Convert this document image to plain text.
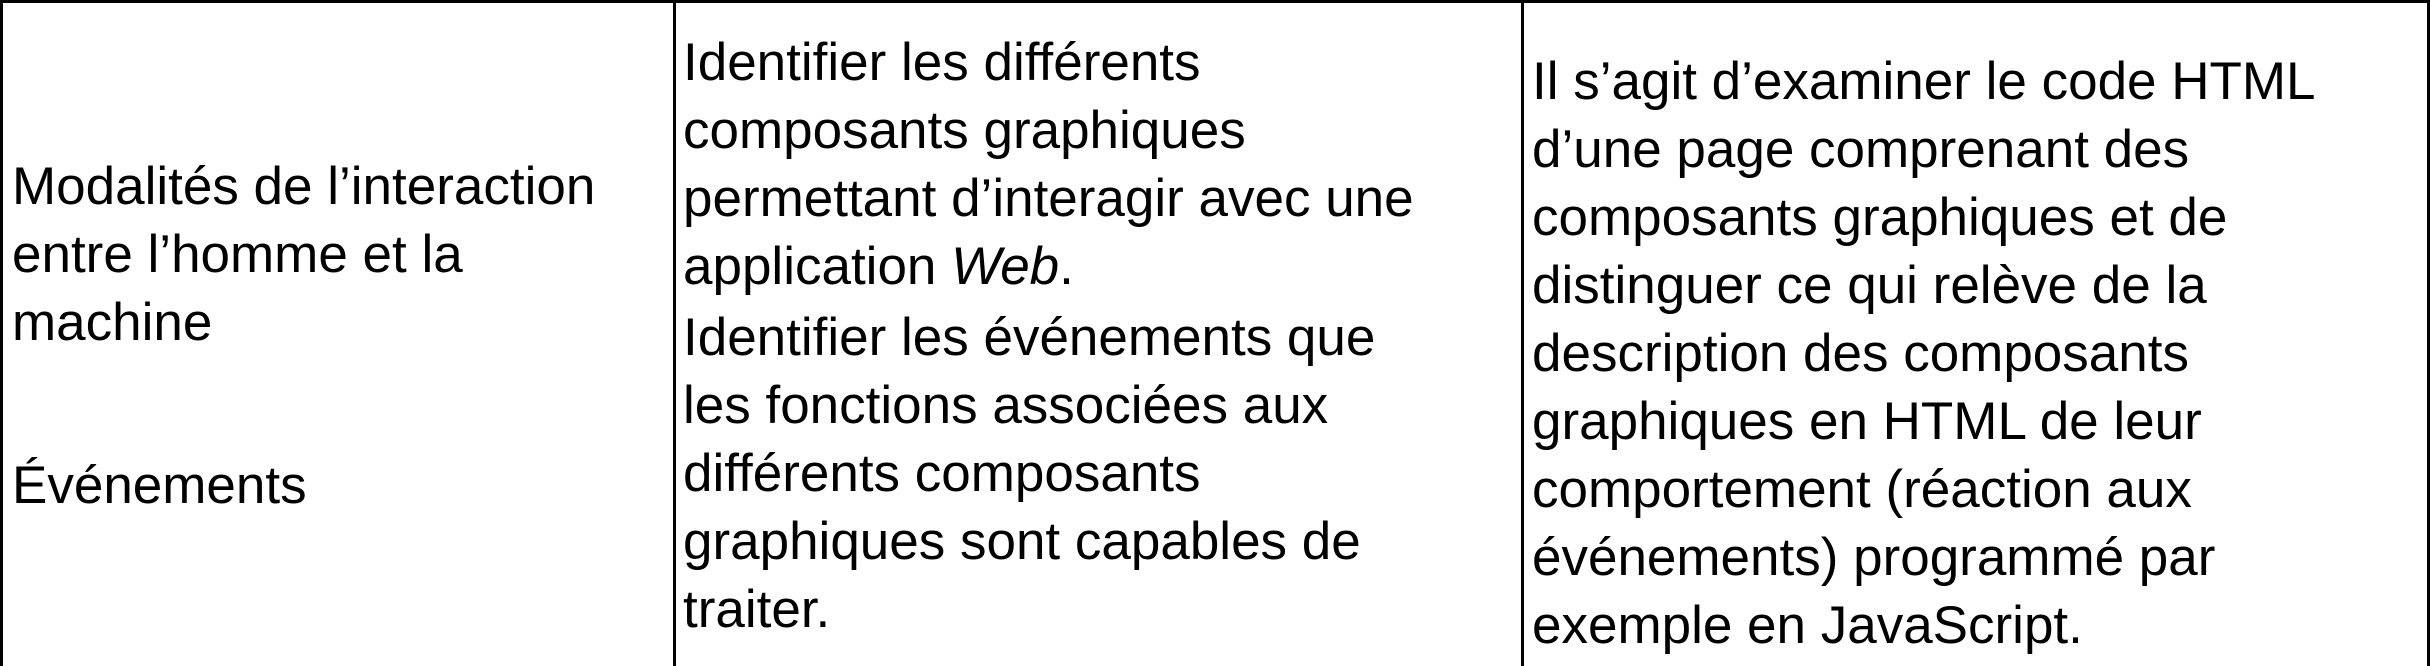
Modalités de l’interaction
entre l’homme et la
machine
Événements
Identifier les différents
composants graphiques
permettant d’interagir avec une
application Web.
Identifier les événements que
les fonctions associées aux
différents composants
graphiques sont capables de
traiter.
Il s’agit d’examiner le code HTML
d’une page comprenant des
composants graphiques et de
distinguer ce qui relève de la
description des composants
graphiques en HTML de leur
comportement (réaction aux
événements) programmé par
exemple en JavaScript.
